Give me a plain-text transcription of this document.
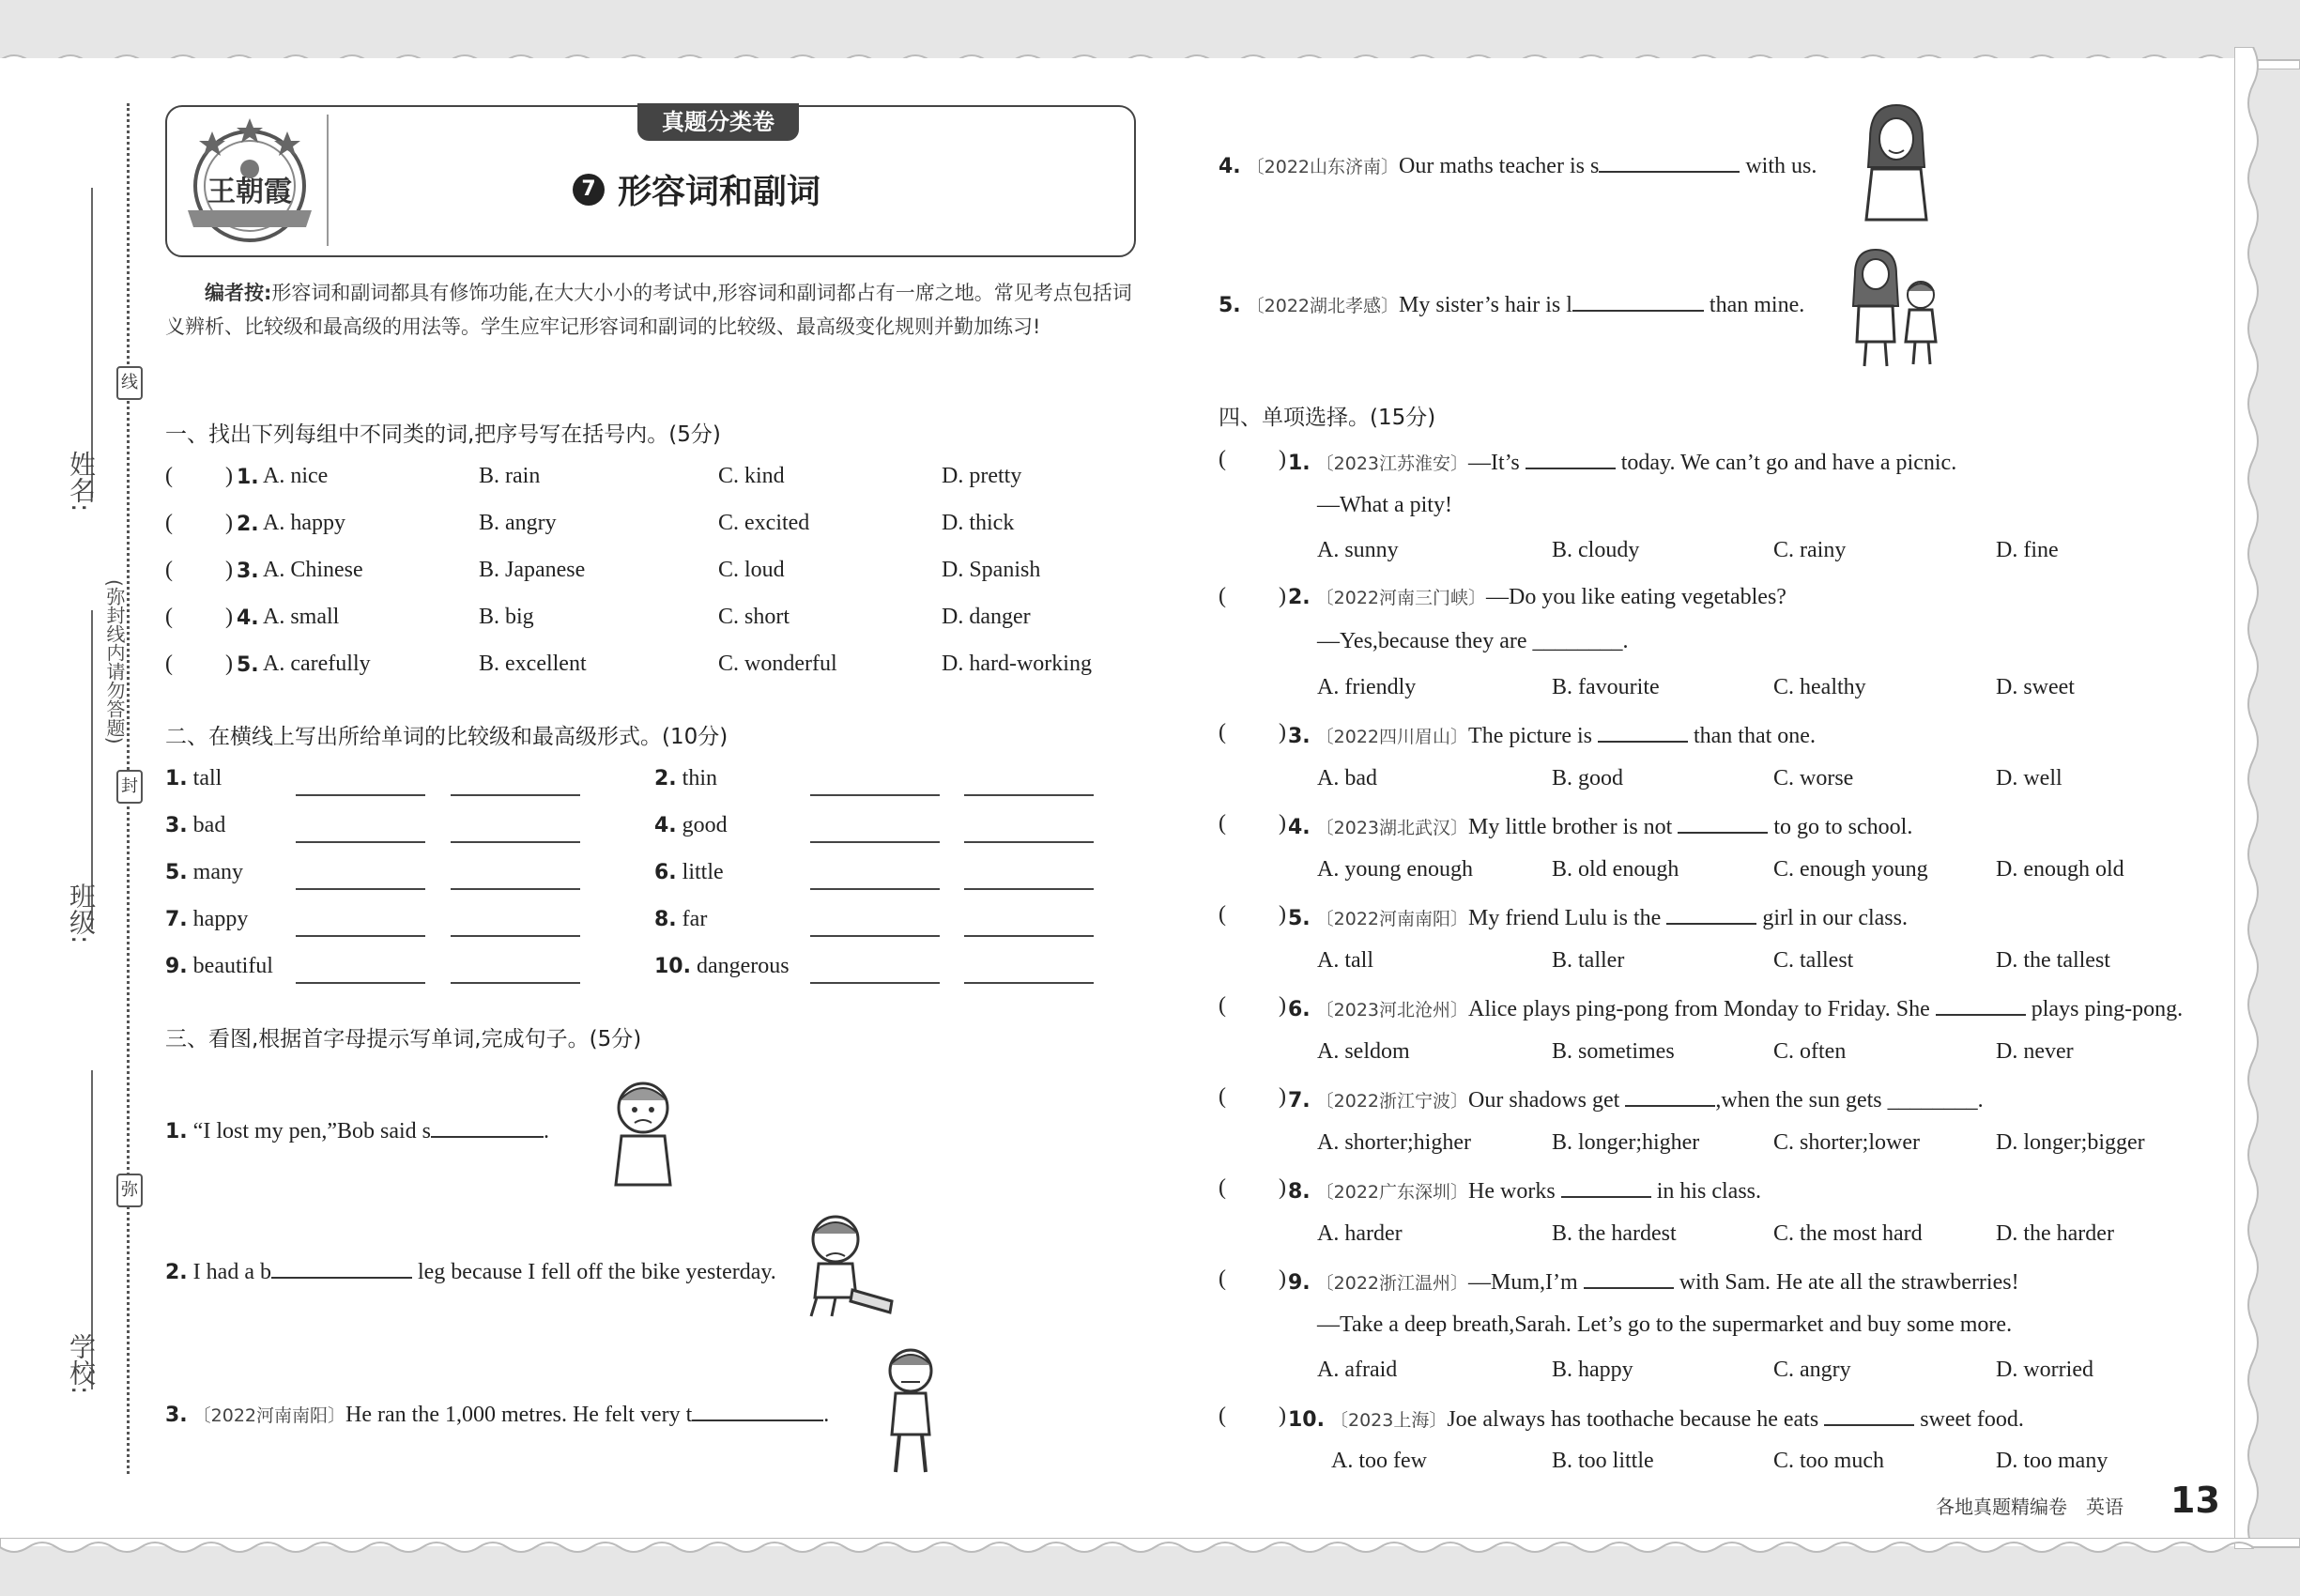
姓名:
班级:
学校:
线
封
弥
(弥封线内请勿答题)
王朝霞
真题分类卷
7 形容词和副词
编者按:形容词和副词都具有修饰功能,在大大小小的考试中,形容词和副词都占有一席之地。常见考点包括词义辨析、比较级和最高级的用法等。学生应牢记形容词和副词的比较级、最高级变化规则并勤加练习!
一、找出下列每组中不同类的词,把序号写在括号内。(5分)
( ) 1. A. nice	B. rain	C. kind	D. pretty
( ) 2. A. happy	B. angry	C. excited	D. thick
( ) 3. A. Chinese	B. Japanese	C. loud	D. Spanish
( ) 4. A. small	B. big	C. short	D. danger
( ) 5. A. carefully	B. excellent	C. wonderful	D. hard-working
二、在横线上写出所给单词的比较级和最高级形式。(10分)
1. tall
3. bad
5. many
7. happy
9. beautiful
2. thin
4. good
6. little
8. far
10. dangerous
三、看图,根据首字母提示写单词,完成句子。(5分)
1. “I lost my pen,”Bob said s	.
2. I had a b	leg because I fell off the bike yesterday.
3. 〔2022河南南阳〕He ran the 1,000 metres. He felt very t	.
4. 〔2022山东济南〕Our maths teacher is s	with us.
5. 〔2022湖北孝感〕My sister’s hair is l	than mine.
四、单项选择。(15分)
( ) 1. 〔2023江苏淮安〕—It’s	today. We can’t go and have a picnic.
—What a pity!
A. sunny	B. cloudy	C. rainy	D. fine
( ) 2. 〔2022河南三门峡〕—Do you like eating vegetables?
—Yes,because they are ________.
A. friendly	B. favourite	C. healthy	D. sweet
( ) 3. 〔2022四川眉山〕The picture is	than that one.
A. bad	B. good	C. worse	D. well
( ) 4. 〔2023湖北武汉〕My little brother is not	to go to school.
A. young enough	B. old enough	C. enough young	D. enough old
( ) 5. 〔2022河南南阳〕My friend Lulu is the	girl in our class.
A. tall	B. taller	C. tallest	D. the tallest
( ) 6. 〔2023河北沧州〕Alice plays ping-pong from Monday to Friday. She	plays ping-pong.
A. seldom	B. sometimes	C. often	D. never
( ) 7. 〔2022浙江宁波〕Our shadows get	,when the sun gets ________.
A. shorter;higher	B. longer;higher	C. shorter;lower	D. longer;bigger
( ) 8. 〔2022广东深圳〕He works	in his class.
A. harder	B. the hardest	C. the most hard	D. the harder
( ) 9. 〔2022浙江温州〕—Mum,I’m	with Sam. He ate all the strawberries!
—Take a deep breath,Sarah. Let’s go to the supermarket and buy some more.
A. afraid	B. happy	C. angry	D. worried
( ) 10. 〔2023上海〕Joe always has toothache because he eats	sweet food.
A. too few	B. too little	C. too much	D. too many
各地真题精编卷　英语 13
